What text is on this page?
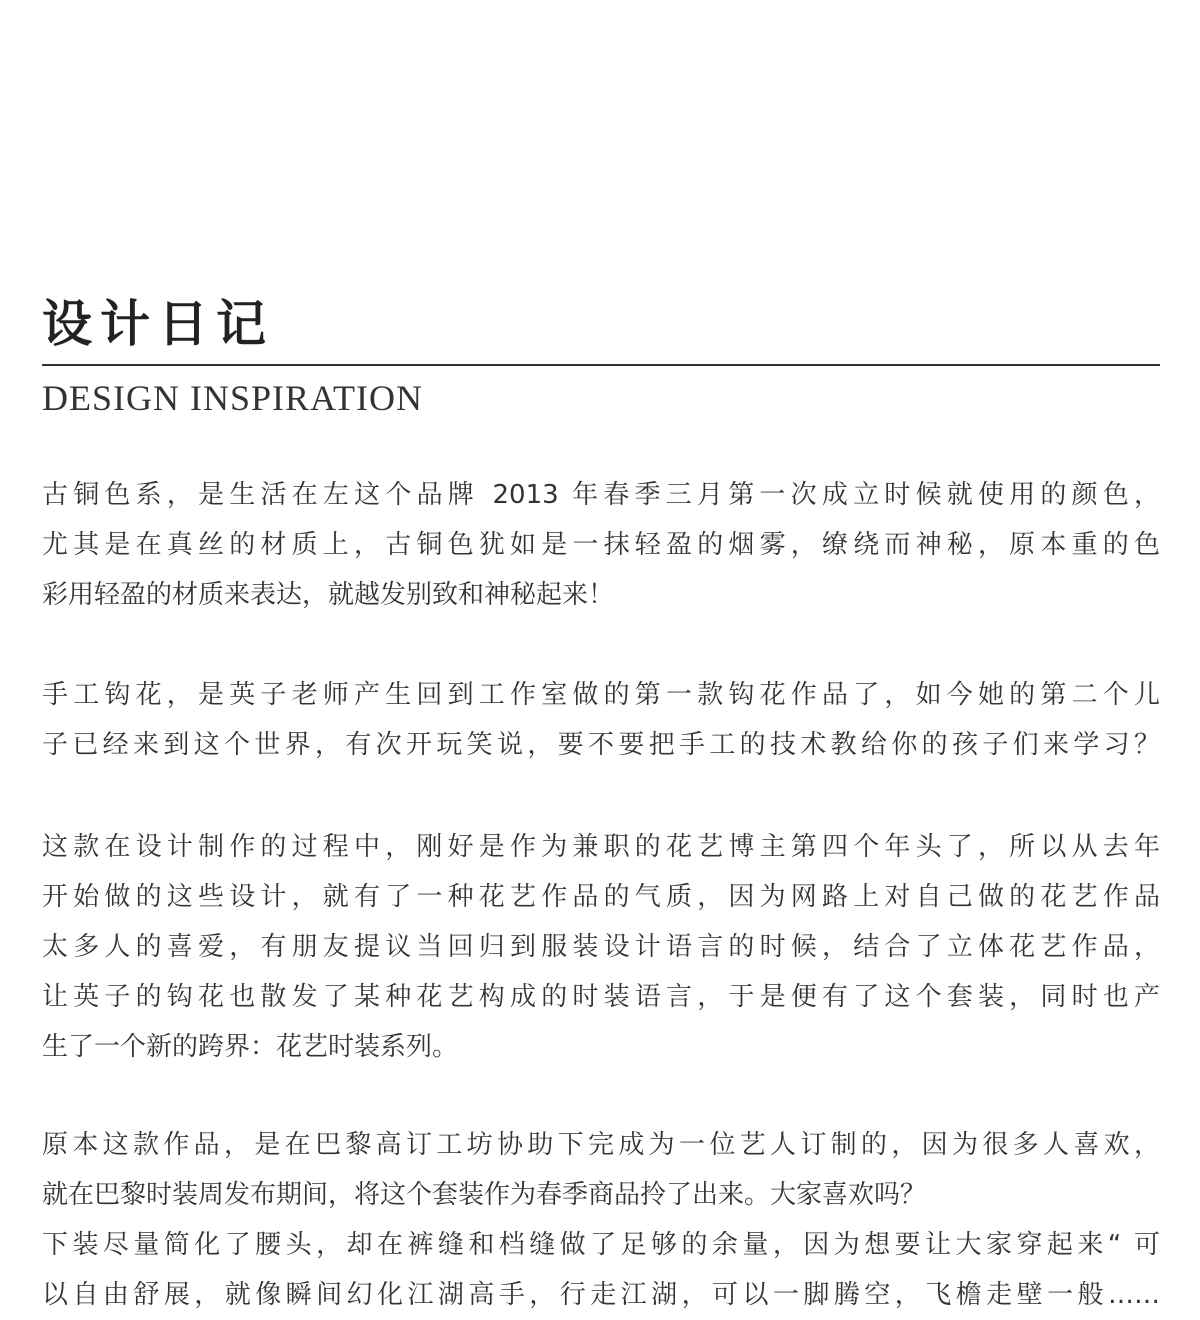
设计日记
DESIGN INSPIRATION
古铜色系，是生活在左这个品牌 2013 年春季三月第一次成立时候就使用的颜色，
尤其是在真丝的材质上，古铜色犹如是一抹轻盈的烟雾，缭绕而神秘，原本重的色
彩用轻盈的材质来表达，就越发别致和神秘起来！
手工钩花，是英子老师产生回到工作室做的第一款钩花作品了，如今她的第二个儿
子已经来到这个世界，有次开玩笑说，要不要把手工的技术教给你的孩子们来学习？
这款在设计制作的过程中，刚好是作为兼职的花艺博主第四个年头了，所以从去年
开始做的这些设计，就有了一种花艺作品的气质，因为网路上对自己做的花艺作品
太多人的喜爱，有朋友提议当回归到服装设计语言的时候，结合了立体花艺作品，
让英子的钩花也散发了某种花艺构成的时装语言，于是便有了这个套装，同时也产
生了一个新的跨界：花艺时装系列。
原本这款作品，是在巴黎高订工坊协助下完成为一位艺人订制的，因为很多人喜欢，
就在巴黎时装周发布期间，将这个套装作为春季商品拎了出来。大家喜欢吗？
下装尽量简化了腰头，却在裤缝和档缝做了足够的余量，因为想要让大家穿起来“ 可
以自由舒展，就像瞬间幻化江湖高手，行走江湖，可以一脚腾空，飞檐走壁一般……
